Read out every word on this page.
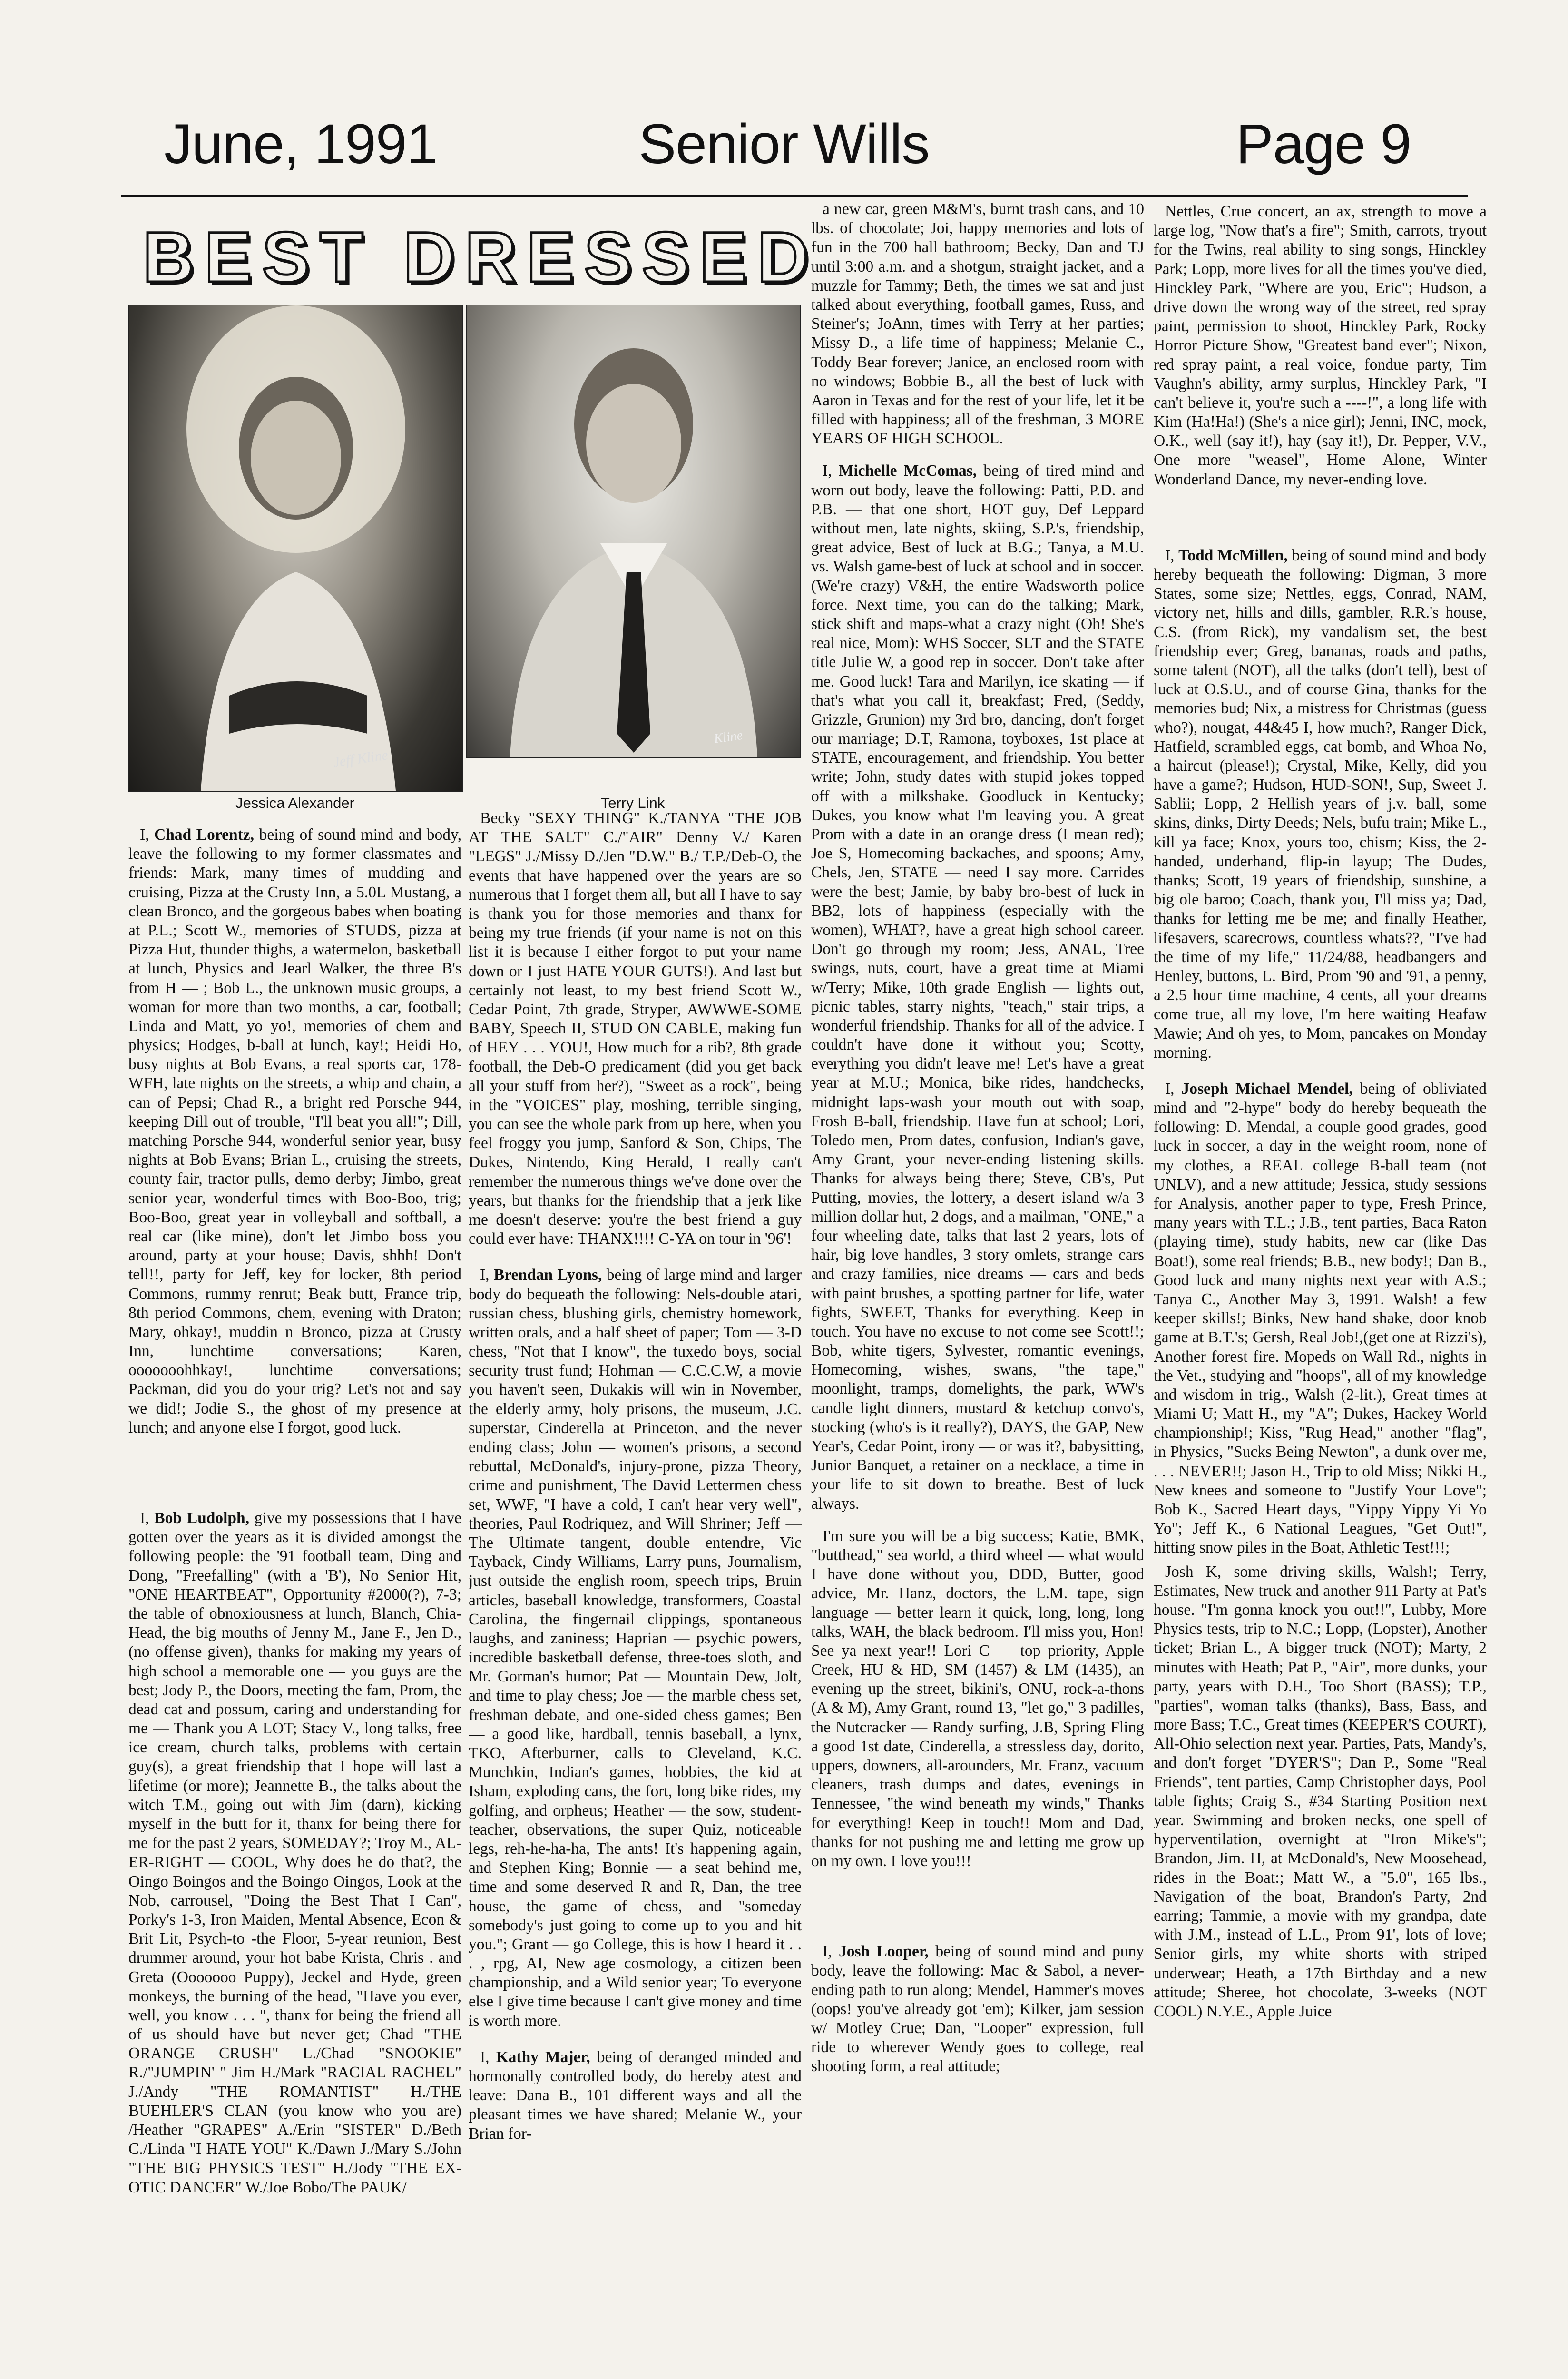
June, 1991	Senior Wills	Page 9
B E S T
D R E S S E D
Jeff Kline
Kline
Jessica Alexander	Terry Link

I, Chad Lorentz, being of sound mind and body, leave the following to my former classmates and friends: Mark, many times of mudding and cruising, Pizza at the Crusty Inn, a 5.0L Mustang, a clean Bronco, and the gorgeous babes when boating at P.L.; Scott W., memories of STUDS, pizza at Pizza Hut, thunder thighs, a watermelon, basketball at lunch, Physics and Jearl Walker, the three B's from H — ; Bob L., the unknown music groups, a woman for more than two months, a car, football; Linda and Matt, yo yo!, memories of chem and physics; Hodges, b-ball at lunch, kay!; Heidi Ho, busy nights at Bob Evans, a real sports car, 178-WFH, late nights on the streets, a whip and chain, a can of Pepsi; Chad R., a bright red Porsche 944, keeping Dill out of trouble, "I'll beat you all!"; Dill, matching Porsche 944, wonderful senior year, busy nights at Bob Evans; Brian L., cruising the streets, county fair, tractor pulls, demo derby; Jimbo, great senior year, wonderful times with Boo-Boo, trig; Boo-Boo, great year in volleyball and softball, a real car (like mine), don't let Jimbo boss you around, party at your house; Davis, shhh! Don't tell!!, party for Jeff, key for locker, 8th period Commons, rummy renrut; Beak butt, France trip, 8th period Commons, chem, evening with Draton; Mary, ohkay!, muddin n Bronco, pizza at Crusty Inn, lunchtime conversations; Karen, ooooooohhkay!, lunchtime conversations; Packman, did you do your trig? Let's not and say we did!; Jodie S., the ghost of my presence at lunch; and anyone else I forgot, good luck.

I, Bob Ludolph, give my possessions that I have gotten over the years as it is divided amongst the following people: the '91 football team, Ding and Dong, "Freefalling" (with a 'B'), No Senior Hit, "ONE HEARTBEAT", Opportunity #2000(?), 7-3; the table of obnoxiousness at lunch, Blanch, Chia-Head, the big mouths of Jenny M., Jane F., Jen D., (no offense given), thanks for making my years of high school a memorable one — you guys are the best; Jody P., the Doors, meeting the fam, Prom, the dead cat and possum, caring and understanding for me — Thank you A LOT; Stacy V., long talks, free ice cream, church talks, problems with certain guy(s), a great friendship that I hope will last a lifetime (or more); Jeannette B., the talks about the witch T.M., going out with Jim (darn), kicking myself in the butt for it, thanx for being there for me for the past 2 years, SOMEDAY?; Troy M., AL-ER-RIGHT — COOL, Why does he do that?, the Oingo Boingos and the Boingo Oingos, Look at the Nob, carrousel, "Doing the Best That I Can", Porky's 1-3, Iron Maiden, Mental Absence, Econ & Brit Lit, Psych-to -the Floor, 5-year reunion, Best drummer around, your hot babe Krista, Chris . and Greta (Ooooooo Puppy), Jeckel and Hyde, green monkeys, the burning of the head, "Have you ever, well, you know . . . ", thanx for being the friend all of us should have but never get; Chad "THE ORANGE CRUSH" L./Chad "SNOOKIE" R./"JUMPIN' " Jim H./Mark "RACIAL RACHEL" J./Andy "THE ROMANTIST" H./THE BUEHLER'S CLAN (you know who you are) /Heather "GRAPES" A./Erin "SISTER" D./Beth C./Linda "I HATE YOU" K./Dawn J./Mary S./John "THE BIG PHYSICS TEST" H./Jody "THE EX-OTIC DANCER" W./Joe Bobo/The PAUK/

Becky "SEXY THING" K./TANYA "THE JOB AT THE SALT" C./"AIR" Denny V./ Karen "LEGS" J./Missy D./Jen "D.W." B./ T.P./Deb-O, the events that have happened over the years are so numerous that I forget them all, but all I have to say is thank you for those memories and thanx for being my true friends (if your name is not on this list it is because I either forgot to put your name down or I just HATE YOUR GUTS!). And last but certainly not least, to my best friend Scott W., Cedar Point, 7th grade, Stryper, AWWWE-SOME BABY, Speech II, STUD ON CABLE, making fun of HEY . . . YOU!, How much for a rib?, 8th grade football, the Deb-O predicament (did you get back all your stuff from her?), "Sweet as a rock", being in the "VOICES" play, moshing, terrible singing, you can see the whole park from up here, when you feel froggy you jump, Sanford & Son, Chips, The Dukes, Nintendo, King Herald, I really can't remember the numerous things we've done over the years, but thanks for the friendship that a jerk like me doesn't deserve: you're the best friend a guy could ever have: THANX!!!! C-YA on tour in '96'!

I, Brendan Lyons, being of large mind and larger body do bequeath the following: Nels-double atari, russian chess, blushing girls, chemistry homework, written orals, and a half sheet of paper; Tom — 3-D chess, "Not that I know", the tuxedo boys, social security trust fund; Hohman — C.C.C.W, a movie you haven't seen, Dukakis will win in November, the elderly army, holy prisons, the museum, J.C. superstar, Cinderella at Princeton, and the never ending class; John — women's prisons, a second rebuttal, McDonald's, injury-prone, pizza Theory, crime and punishment, The David Lettermen chess set, WWF, "I have a cold, I can't hear very well", theories, Paul Rodriquez, and Will Shriner; Jeff — The Ultimate tangent, double entendre, Vic Tayback, Cindy Williams, Larry puns, Journalism, just outside the english room, speech trips, Bruin articles, baseball knowledge, transformers, Coastal Carolina, the fingernail clippings, spontaneous laughs, and zaniness; Haprian — psychic powers, incredible basketball defense, three-toes sloth, and Mr. Gorman's humor; Pat — Mountain Dew, Jolt, and time to play chess; Joe — the marble chess set, freshman debate, and one-sided chess games; Ben — a good like, hardball, tennis baseball, a lynx, TKO, Afterburner, calls to Cleveland, K.C. Munchkin, Indian's games, hobbies, the kid at Isham, exploding cans, the fort, long bike rides, my golfing, and orpheus; Heather — the sow, student-teacher, observations, the super Quiz, noticeable legs, reh-he-ha-ha, The ants! It's happening again, and Stephen King; Bonnie — a seat behind me, time and some deserved R and R, Dan, the tree house, the game of chess, and "someday somebody's just going to come up to you and hit you."; Grant — go College, this is how I heard it . . . , rpg, AI, New age cosmology, a citizen been championship, and a Wild senior year; To everyone else I give time because I can't give money and time is worth more.

I, Kathy Majer, being of deranged minded and hormonally controlled body, do hereby atest and leave: Dana B., 101 different ways and all the pleasant times we have shared; Melanie W., your Brian for-

a new car, green M&M's, burnt trash cans, and 10 lbs. of chocolate; Joi, happy memories and lots of fun in the 700 hall bathroom; Becky, Dan and TJ until 3:00 a.m. and a shotgun, straight jacket, and a muzzle for Tammy; Beth, the times we sat and just talked about everything, football games, Russ, and Steiner's; JoAnn, times with Terry at her parties; Missy D., a life time of happiness; Melanie C., Toddy Bear forever; Janice, an enclosed room with no windows; Bobbie B., all the best of luck with Aaron in Texas and for the rest of your life, let it be filled with happiness; all of the freshman, 3 MORE YEARS OF HIGH SCHOOL.

I, Michelle McComas, being of tired mind and worn out body, leave the following: Patti, P.D. and P.B. — that one short, HOT guy, Def Leppard without men, late nights, skiing, S.P.'s, friendship, great advice, Best of luck at B.G.; Tanya, a M.U. vs. Walsh game-best of luck at school and in soccer. (We're crazy) V&H, the entire Wadsworth police force. Next time, you can do the talking; Mark, stick shift and maps-what a crazy night (Oh! She's real nice, Mom): WHS Soccer, SLT and the STATE title Julie W, a good rep in soccer. Don't take after me. Good luck! Tara and Marilyn, ice skating — if that's what you call it, breakfast; Fred, (Seddy, Grizzle, Grunion) my 3rd bro, dancing, don't forget our marriage; D.T, Ramona, toyboxes, 1st place at STATE, encouragement, and friendship. You better write; John, study dates with stupid jokes topped off with a milkshake. Goodluck in Kentucky; Dukes, you know what I'm leaving you. A great Prom with a date in an orange dress (I mean red); Joe S, Homecoming backaches, and spoons; Amy, Chels, Jen, STATE — need I say more. Carrides were the best; Jamie, by baby bro-best of luck in BB2, lots of happiness (especially with the women), WHAT?, have a great high school career. Don't go through my room; Jess, ANAL, Tree swings, nuts, court, have a great time at Miami w/Terry; Mike, 10th grade English — lights out, picnic tables, starry nights, "teach," stair trips, a wonderful friendship. Thanks for all of the advice. I couldn't have done it without you; Scotty, everything you didn't leave me! Let's have a great year at M.U.; Monica, bike rides, handchecks, midnight laps-wash your mouth out with soap, Frosh B-ball, friendship. Have fun at school; Lori, Toledo men, Prom dates, confusion, Indian's gave, Amy Grant, your never-ending listening skills. Thanks for always being there; Steve, CB's, Put Putting, movies, the lottery, a desert island w/a 3 million dollar hut, 2 dogs, and a mailman, "ONE," a four wheeling date, talks that last 2 years, lots of hair, big love handles, 3 story omlets, strange cars and crazy families, nice dreams — cars and beds with paint brushes, a spotting partner for life, water fights, SWEET, Thanks for everything. Keep in touch. You have no excuse to not come see Scott!!; Bob, white tigers, Sylvester, romantic evenings, Homecoming, wishes, swans, "the tape," moonlight, tramps, domelights, the park, WW's candle light dinners, mustard & ketchup convo's, stocking (who's is it really?), DAYS, the GAP, New Year's, Cedar Point, irony — or was it?, babysitting, Junior Banquet, a retainer on a necklace, a time in your life to sit down to breathe. Best of luck always.

I'm sure you will be a big success; Katie, BMK, "butthead," sea world, a third wheel — what would I have done without you, DDD, Butter, good advice, Mr. Hanz, doctors, the L.M. tape, sign language — better learn it quick, long, long, long talks, WAH, the black bedroom. I'll miss you, Hon! See ya next year!! Lori C — top priority, Apple Creek, HU & HD, SM (1457) & LM (1435), an evening up the street, bikini's, ONU, rock-a-thons (A & M), Amy Grant, round 13, "let go," 3 padilles, the Nutcracker — Randy surfing, J.B, Spring Fling a good 1st date, Cinderella, a stressless day, dorito, uppers, downers, all-arounders, Mr. Franz, vacuum cleaners, trash dumps and dates, evenings in Tennessee, "the wind beneath my winds," Thanks for everything! Keep in touch!! Mom and Dad, thanks for not pushing me and letting me grow up on my own. I love you!!!

I, Josh Looper, being of sound mind and puny body, leave the following: Mac & Sabol, a never-ending path to run along; Mendel, Hammer's moves (oops! you've already got 'em); Kilker, jam session w/ Motley Crue; Dan, "Looper" expression, full ride to wherever Wendy goes to college, real shooting form, a real attitude;

Nettles, Crue concert, an ax, strength to move a large log, "Now that's a fire"; Smith, carrots, tryout for the Twins, real ability to sing songs, Hinckley Park; Lopp, more lives for all the times you've died, Hinckley Park, "Where are you, Eric"; Hudson, a drive down the wrong way of the street, red spray paint, permission to shoot, Hinckley Park, Rocky Horror Picture Show, "Greatest band ever"; Nixon, red spray paint, a real voice, fondue party, Tim Vaughn's ability, army surplus, Hinckley Park, "I can't believe it, you're such a ----!", a long life with Kim (Ha!Ha!) (She's a nice girl); Jenni, INC, mock, O.K., well (say it!), hay (say it!), Dr. Pepper, V.V., One more "weasel", Home Alone, Winter Wonderland Dance, my never-ending love.

I, Todd McMillen, being of sound mind and body hereby bequeath the following: Digman, 3 more States, some size; Nettles, eggs, Conrad, NAM, victory net, hills and dills, gambler, R.R.'s house, C.S. (from Rick), my vandalism set, the best friendship ever; Greg, bananas, roads and paths, some talent (NOT), all the talks (don't tell), best of luck at O.S.U., and of course Gina, thanks for the memories bud; Nix, a mistress for Christmas (guess who?), nougat, 44&45 I, how much?, Ranger Dick, Hatfield, scrambled eggs, cat bomb, and Whoa No, a haircut (please!); Crystal, Mike, Kelly, did you have a game?; Hudson, HUD-SON!, Sup, Sweet J. Sablii; Lopp, 2 Hellish years of j.v. ball, some skins, dinks, Dirty Deeds; Nels, bufu train; Mike L., kill ya face; Knox, yours too, chism; Kiss, the 2-handed, underhand, flip-in layup; The Dudes, thanks; Scott, 19 years of friendship, sunshine, a big ole baroo; Coach, thank you, I'll miss ya; Dad, thanks for letting me be me; and finally Heather, lifesavers, scarecrows, countless whats??, "I've had the time of my life," 11/24/88, headbangers and Henley, buttons, L. Bird, Prom '90 and '91, a penny, a 2.5 hour time machine, 4 cents, all your dreams come true, all my love, I'm here waiting Heafaw Mawie; And oh yes, to Mom, pancakes on Monday morning.

I, Joseph Michael Mendel, being of obliviated mind and "2-hype" body do hereby bequeath the following: D. Mendal, a couple good grades, good luck in soccer, a day in the weight room, none of my clothes, a REAL college B-ball team (not UNLV), and a new attitude; Jessica, study sessions for Analysis, another paper to type, Fresh Prince, many years with T.L.; J.B., tent parties, Baca Raton (playing time), study habits, new car (like Das Boat!), some real friends; B.B., new body!; Dan B., Good luck and many nights next year with A.S.; Tanya C., Another May 3, 1991. Walsh! a few keeper skills!; Binks, New hand shake, door knob game at B.T.'s; Gersh, Real Job!,(get one at Rizzi's), Another forest fire. Mopeds on Wall Rd., nights in the Vet., studying and "hoops", all of my knowledge and wisdom in trig., Walsh (2-lit.), Great times at Miami U; Matt H., my "A"; Dukes, Hackey World championship!; Kiss, "Rug Head," another "flag", in Physics, "Sucks Being Newton", a dunk over me, . . . NEVER!!; Jason H., Trip to old Miss; Nikki H., New knees and someone to "Justify Your Love"; Bob K., Sacred Heart days, "Yippy Yippy Yi Yo Yo"; Jeff K., 6 National Leagues, "Get Out!", hitting snow piles in the Boat, Athletic Test!!!;

Josh K, some driving skills, Walsh!; Terry, Estimates, New truck and another 911 Party at Pat's house. "I'm gonna knock you out!!", Lubby, More Physics tests, trip to N.C.; Lopp, (Lopster), Another ticket; Brian L., A bigger truck (NOT); Marty, 2 minutes with Heath; Pat P., "Air", more dunks, your party, years with D.H., Too Short (BASS); T.P., "parties", woman talks (thanks), Bass, Bass, and more Bass; T.C., Great times (KEEPER'S COURT), All-Ohio selection next year. Parties, Pats, Mandy's, and don't forget "DYER'S"; Dan P., Some "Real Friends", tent parties, Camp Christopher days, Pool table fights; Craig S., #34 Starting Position next year. Swimming and broken necks, one spell of hyperventilation, overnight at "Iron Mike's"; Brandon, Jim. H, at McDonald's, New Moosehead, rides in the Boat:; Matt W., a "5.0", 165 lbs., Navigation of the boat, Brandon's Party, 2nd earring; Tammie, a movie with my grandpa, date with J.M., instead of L.L., Prom 91', lots of love; Senior girls, my white shorts with striped underwear; Heath, a 17th Birthday and a new attitude; Sheree, hot chocolate, 3-weeks (NOT COOL) N.Y.E., Apple Juice
